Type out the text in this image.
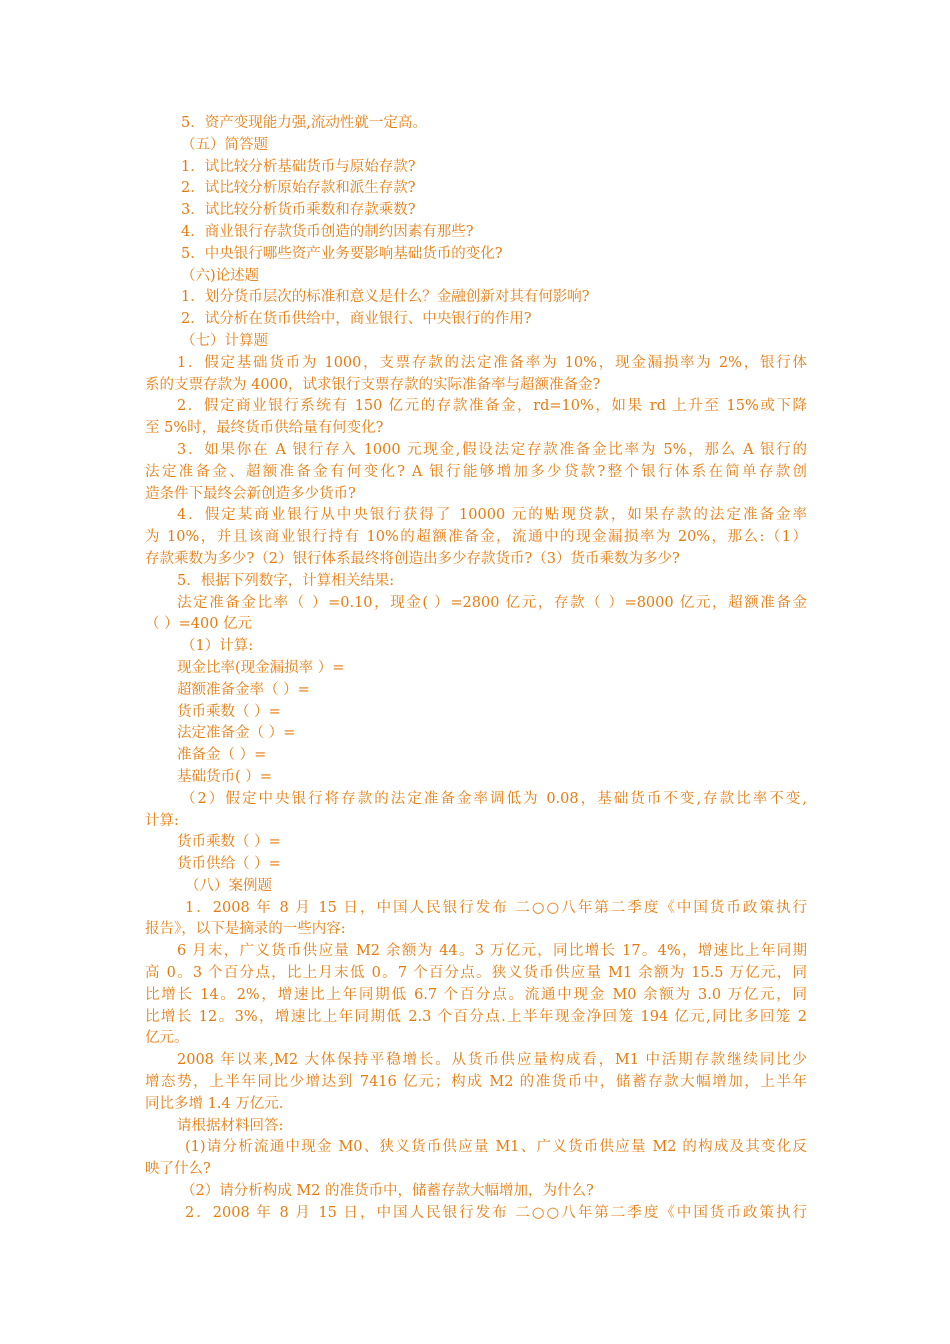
5．资产变现能力强,流动性就一定高。
（五）简答题
1．试比较分析基础货币与原始存款?
2．试比较分析原始存款和派生存款?
3．试比较分析货币乘数和存款乘数?
4．商业银行存款货币创造的制约因素有那些?
5．中央银行哪些资产业务要影响基础货币的变化?
（六)论述题
1．划分货币层次的标准和意义是什么？金融创新对其有何影响?
2．试分析在货币供给中，商业银行、中央银行的作用?
（七）计算题
1．假定基础货币为 1000，支票存款的法定准备率为 10%，现金漏损率为 2%，银行体
系的支票存款为 4000，试求银行支票存款的实际准备率与超额准备金?
2．假定商业银行系统有 150 亿元的存款准备金，rd=10%，如果 rd 上升至 15%或下降
至 5%时，最终货币供给量有何变化?
3．如果你在 A 银行存入 1000 元现金,假设法定存款准备金比率为 5%，那么 A 银行的
法定准备金、超额准备金有何变化? A 银行能够增加多少贷款?整个银行体系在简单存款创
造条件下最终会新创造多少货币?
4．假定某商业银行从中央银行获得了 10000 元的贴现贷款，如果存款的法定准备金率
为 10%，并且该商业银行持有 10%的超额准备金，流通中的现金漏损率为 20%，那么:（1）
存款乘数为多少?（2）银行体系最终将创造出多少存款货币?（3）货币乘数为多少?
5．根据下列数字，计算相关结果:
法定准备金比率（ ）=0.10，现金( ）=2800 亿元，存款（ ）=8000 亿元，超额准备金
（ ）=400 亿元
（1）计算:
现金比率(现金漏损率 ）=
超额准备金率（ ）=
货币乘数（ ）=
法定准备金（ ）=
准备金（ ）=
基础货币( ）=
（2）假定中央银行将存款的法定准备金率调低为 0.08，基础货币不变,存款比率不变,
计算:
货币乘数（ ）=
货币供给（ ）=
（八）案例题
1．2008 年 8 月 15 日，中国人民银行发布 二○○八年第二季度《中国货币政策执行
报告》，以下是摘录的一些内容:
6 月末，广义货币供应量 M2 余额为 44。3 万亿元，同比增长 17。4%，增速比上年同期
高 0。3 个百分点，比上月末低 0。7 个百分点。狭义货币供应量 M1 余额为 15.5 万亿元，同
比增长 14。2%，增速比上年同期低 6.7 个百分点。流通中现金 M0 余额为 3.0 万亿元，同
比增长 12。3%，增速比上年同期低 2.3 个百分点.上半年现金净回笼 194 亿元,同比多回笼 2
亿元。
2008 年以来,M2 大体保持平稳增长。从货币供应量构成看，M1 中活期存款继续同比少
增态势，上半年同比少增达到 7416 亿元；构成 M2 的准货币中，储蓄存款大幅增加，上半年
同比多增 1.4 万亿元.
请根据材料回答:
(1)请分析流通中现金 M0、狭义货币供应量 M1、广义货币供应量 M2 的构成及其变化反
映了什么?
（2）请分析构成 M2 的准货币中，储蓄存款大幅增加，为什么?
2．2008 年 8 月 15 日，中国人民银行发布 二○○八年第二季度《中国货币政策执行
